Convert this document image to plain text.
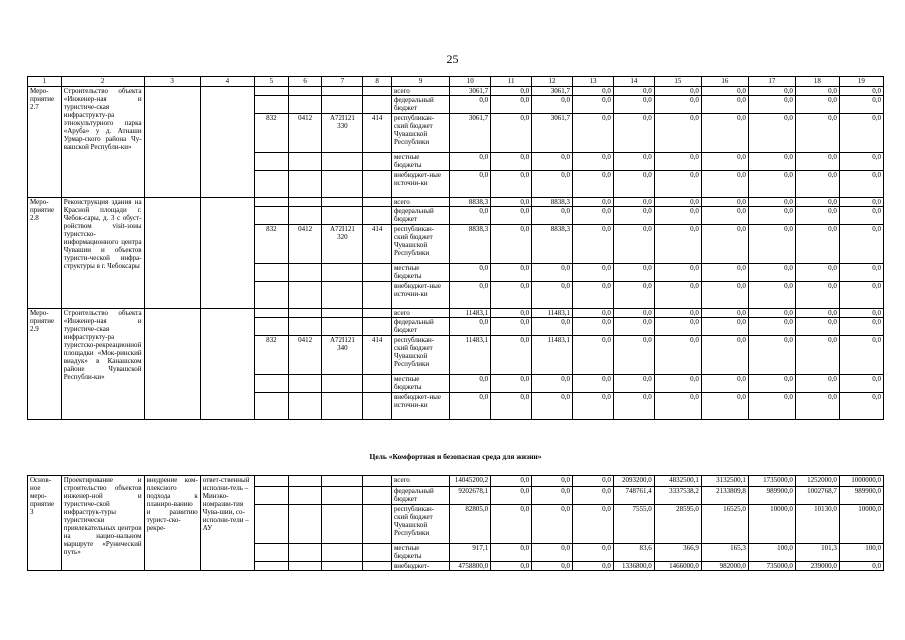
25
1	2	3	4	5	6	7	8	9	10	11	12	13	14	15	16	17	18	19
Меро-приятие 2.7	Строительство объекта «Инженер-ная и туристиче-ская инфраструкту-ра этнокультурного парка «Аруба» у д. Атнаши Урмар-ского района Чу-вашской Республи-ки»							всего	3061,7	0,0	3061,7	0,0	0,0	0,0	0,0	0,0	0,0	0,0
								федеральный бюджет	0,0	0,0	0,0	0,0	0,0	0,0	0,0	0,0	0,0	0,0
				832	0412	А72I121 330	414	республикан-ский бюджет Чувашской Республики	3061,7	0,0	3061,7	0,0	0,0	0,0	0,0	0,0	0,0	0,0
								местные бюджеты	0,0	0,0	0,0	0,0	0,0	0,0	0,0	0,0	0,0	0,0
								внебюджет-ные источни-ки	0,0	0,0	0,0	0,0	0,0	0,0	0,0	0,0	0,0	0,0
Меро-приятие 2.8	Реконструкция здания на Красной площади г. Чебок-сары, д. 3 с обуст-ройством visit-зоны туристско-информационного центра Чувашии и объектов туристи-ческой инфра-структуры в г. Чебоксары							всего	8838,3	0,0	8838,3	0,0	0,0	0,0	0,0	0,0	0,0	0,0
								федеральный бюджет	0,0	0,0	0,0	0,0	0,0	0,0	0,0	0,0	0,0	0,0
				832	0412	А72I121 320	414	республикан-ский бюджет Чувашской Республики	8838,3	0,0	8838,3	0,0	0,0	0,0	0,0	0,0	0,0	0,0
								местные бюджеты	0,0	0,0	0,0	0,0	0,0	0,0	0,0	0,0	0,0	0,0
								внебюджет-ные источни-ки	0,0	0,0	0,0	0,0	0,0	0,0	0,0	0,0	0,0	0,0
Меро-приятие 2.9	Строительство объекта «Инженер-ная и туристиче-ская инфраструкту-ра туристско-рекреационной площадки «Мок-ринский виадук» в Канашском районе Чувашской Республи-ки»							всего	11483,1	0,0	11483,1	0,0	0,0	0,0	0,0	0,0	0,0	0,0
								федеральный бюджет	0,0	0,0	0,0	0,0	0,0	0,0	0,0	0,0	0,0	0,0
				832	0412	А72I121 340	414	республикан-ский бюджет Чувашской Республики	11483,1	0,0	11483,1	0,0	0,0	0,0	0,0	0,0	0,0	0,0
								местные бюджеты	0,0	0,0	0,0	0,0	0,0	0,0	0,0	0,0	0,0	0,0
								внебюджет-ные источни-ки	0,0	0,0	0,0	0,0	0,0	0,0	0,0	0,0	0,0	0,0
Цель «Комфортная и безопасная среда для жизни»
Основ-ное меро-приятие 3	Проектирование и строительство объектов инженер-ной и туристиче-ской инфраструк-туры туристически привлекательных центров на нацио-нальном маршруте «Рунический путь»	внедрение ком-плексного подхода к планиро-ванию и развитию турист-ско-рекре-	ответ-ственный исполни-тель – Минэко-номразви-тия Чува-шии, со-исполни-тели – АУ					всего	14045200,2	0,0	0,0	0,0	2093200,0	4832500,1	3132500,1	1735000,0	1252000,0	1000000,0
								федеральный бюджет	9202678,1	0,0	0,0	0,0	748761,4	3337538,2	2133809,8	989900,0	1002768,7	989900,0
								республикан-ский бюджет Чувашской Республики	82805,0	0,0	0,0	0,0	7555,0	28595,0	16525,0	10000,0	10130,0	10000,0
								местные бюджеты	917,1	0,0	0,0	0,0	83,6	366,9	165,3	100,0	101,3	100,0
								внебюджет-	4758800,0	0,0	0,0	0,0	1336800,0	1466000,0	982000,0	735000,0	239000,0	0,0
